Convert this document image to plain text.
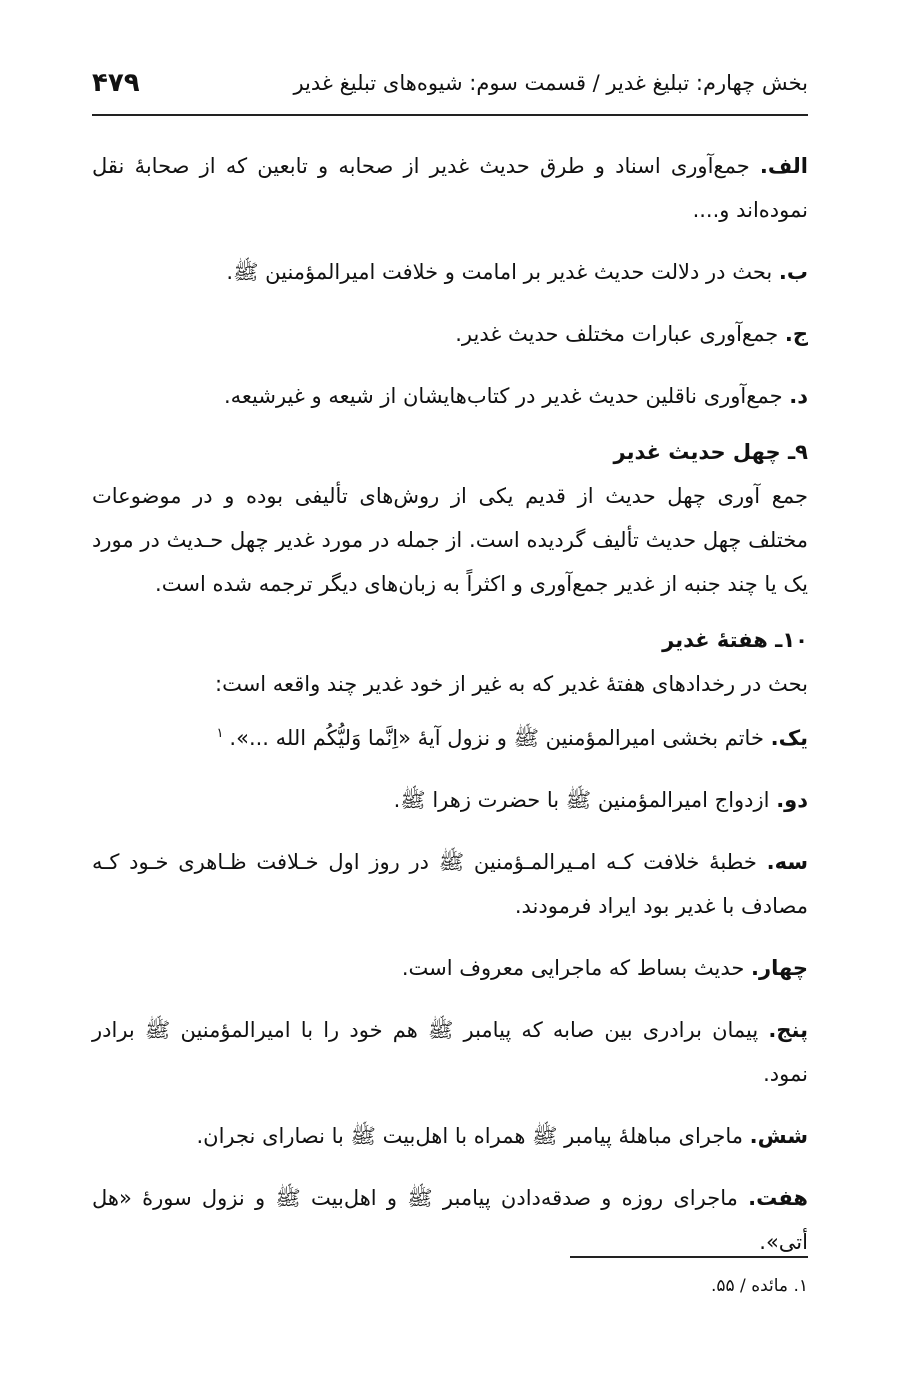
بخش چهارم: تبلیغ غدیر / قسمت سوم: شیوه‌های تبلیغ غدیر
۴۷۹

الف. جمع‌آوری اسناد و طرق حدیث غدیر از صحابه و تابعین که از صحابهٔ نقل نموده‌اند و....

ب. بحث در دلالت حدیث غدیر بر امامت و خلافت امیرالمؤمنین ﷺ.

ج. جمع‌آوری عبارات مختلف حدیث غدیر.

د. جمع‌آوری ناقلین حدیث غدیر در کتاب‌هایشان از شیعه و غیرشیعه.

۹ـ چهل حدیث غدیر

جمع آوری چهل حدیث از قدیم یکی از روش‌های تألیفی بوده و در موضوعات مختلف چهل حدیث تألیف گردیده است. از جمله در مورد غدیر چهل حـدیث در مورد یک یا چند جنبه از غدیر جمع‌آوری و اکثراً به زبان‌های دیگر ترجمه شده است.

۱۰ـ هفتهٔ غدیر

بحث در رخدادهای هفتهٔ غدیر که به غیر از خود غدیر چند واقعه است:

یک. خاتم بخشی امیرالمؤمنین ﷺ و نزول آیهٔ «اِنَّما وَلیُّکُم الله ...».$^۱$

دو. ازدواج امیرالمؤمنین ﷺ با حضرت زهرا ﷺ.

سه. خطبهٔ خلافت کـه امـیرالمـؤمنین ﷺ در روز اول خـلافت ظـاهری خـود کـه مصادف با غدیر بود ایراد فرمودند.

چهار. حدیث بساط که ماجرایی معروف است.

پنج. پیمان برادری بین صابه که پیامبر ﷺ هم خود را با امیرالمؤمنین ﷺ برادر نمود.

شش. ماجرای مباهلهٔ پیامبر ﷺ همراه با اهل‌بیت ﷺ با نصارای نجران.

هفت. ماجرای روزه و صدقه‌دادن پیامبر ﷺ و اهل‌بیت ﷺ و نزول سورهٔ «هل أتی».

۱. مائده / ۵۵.
